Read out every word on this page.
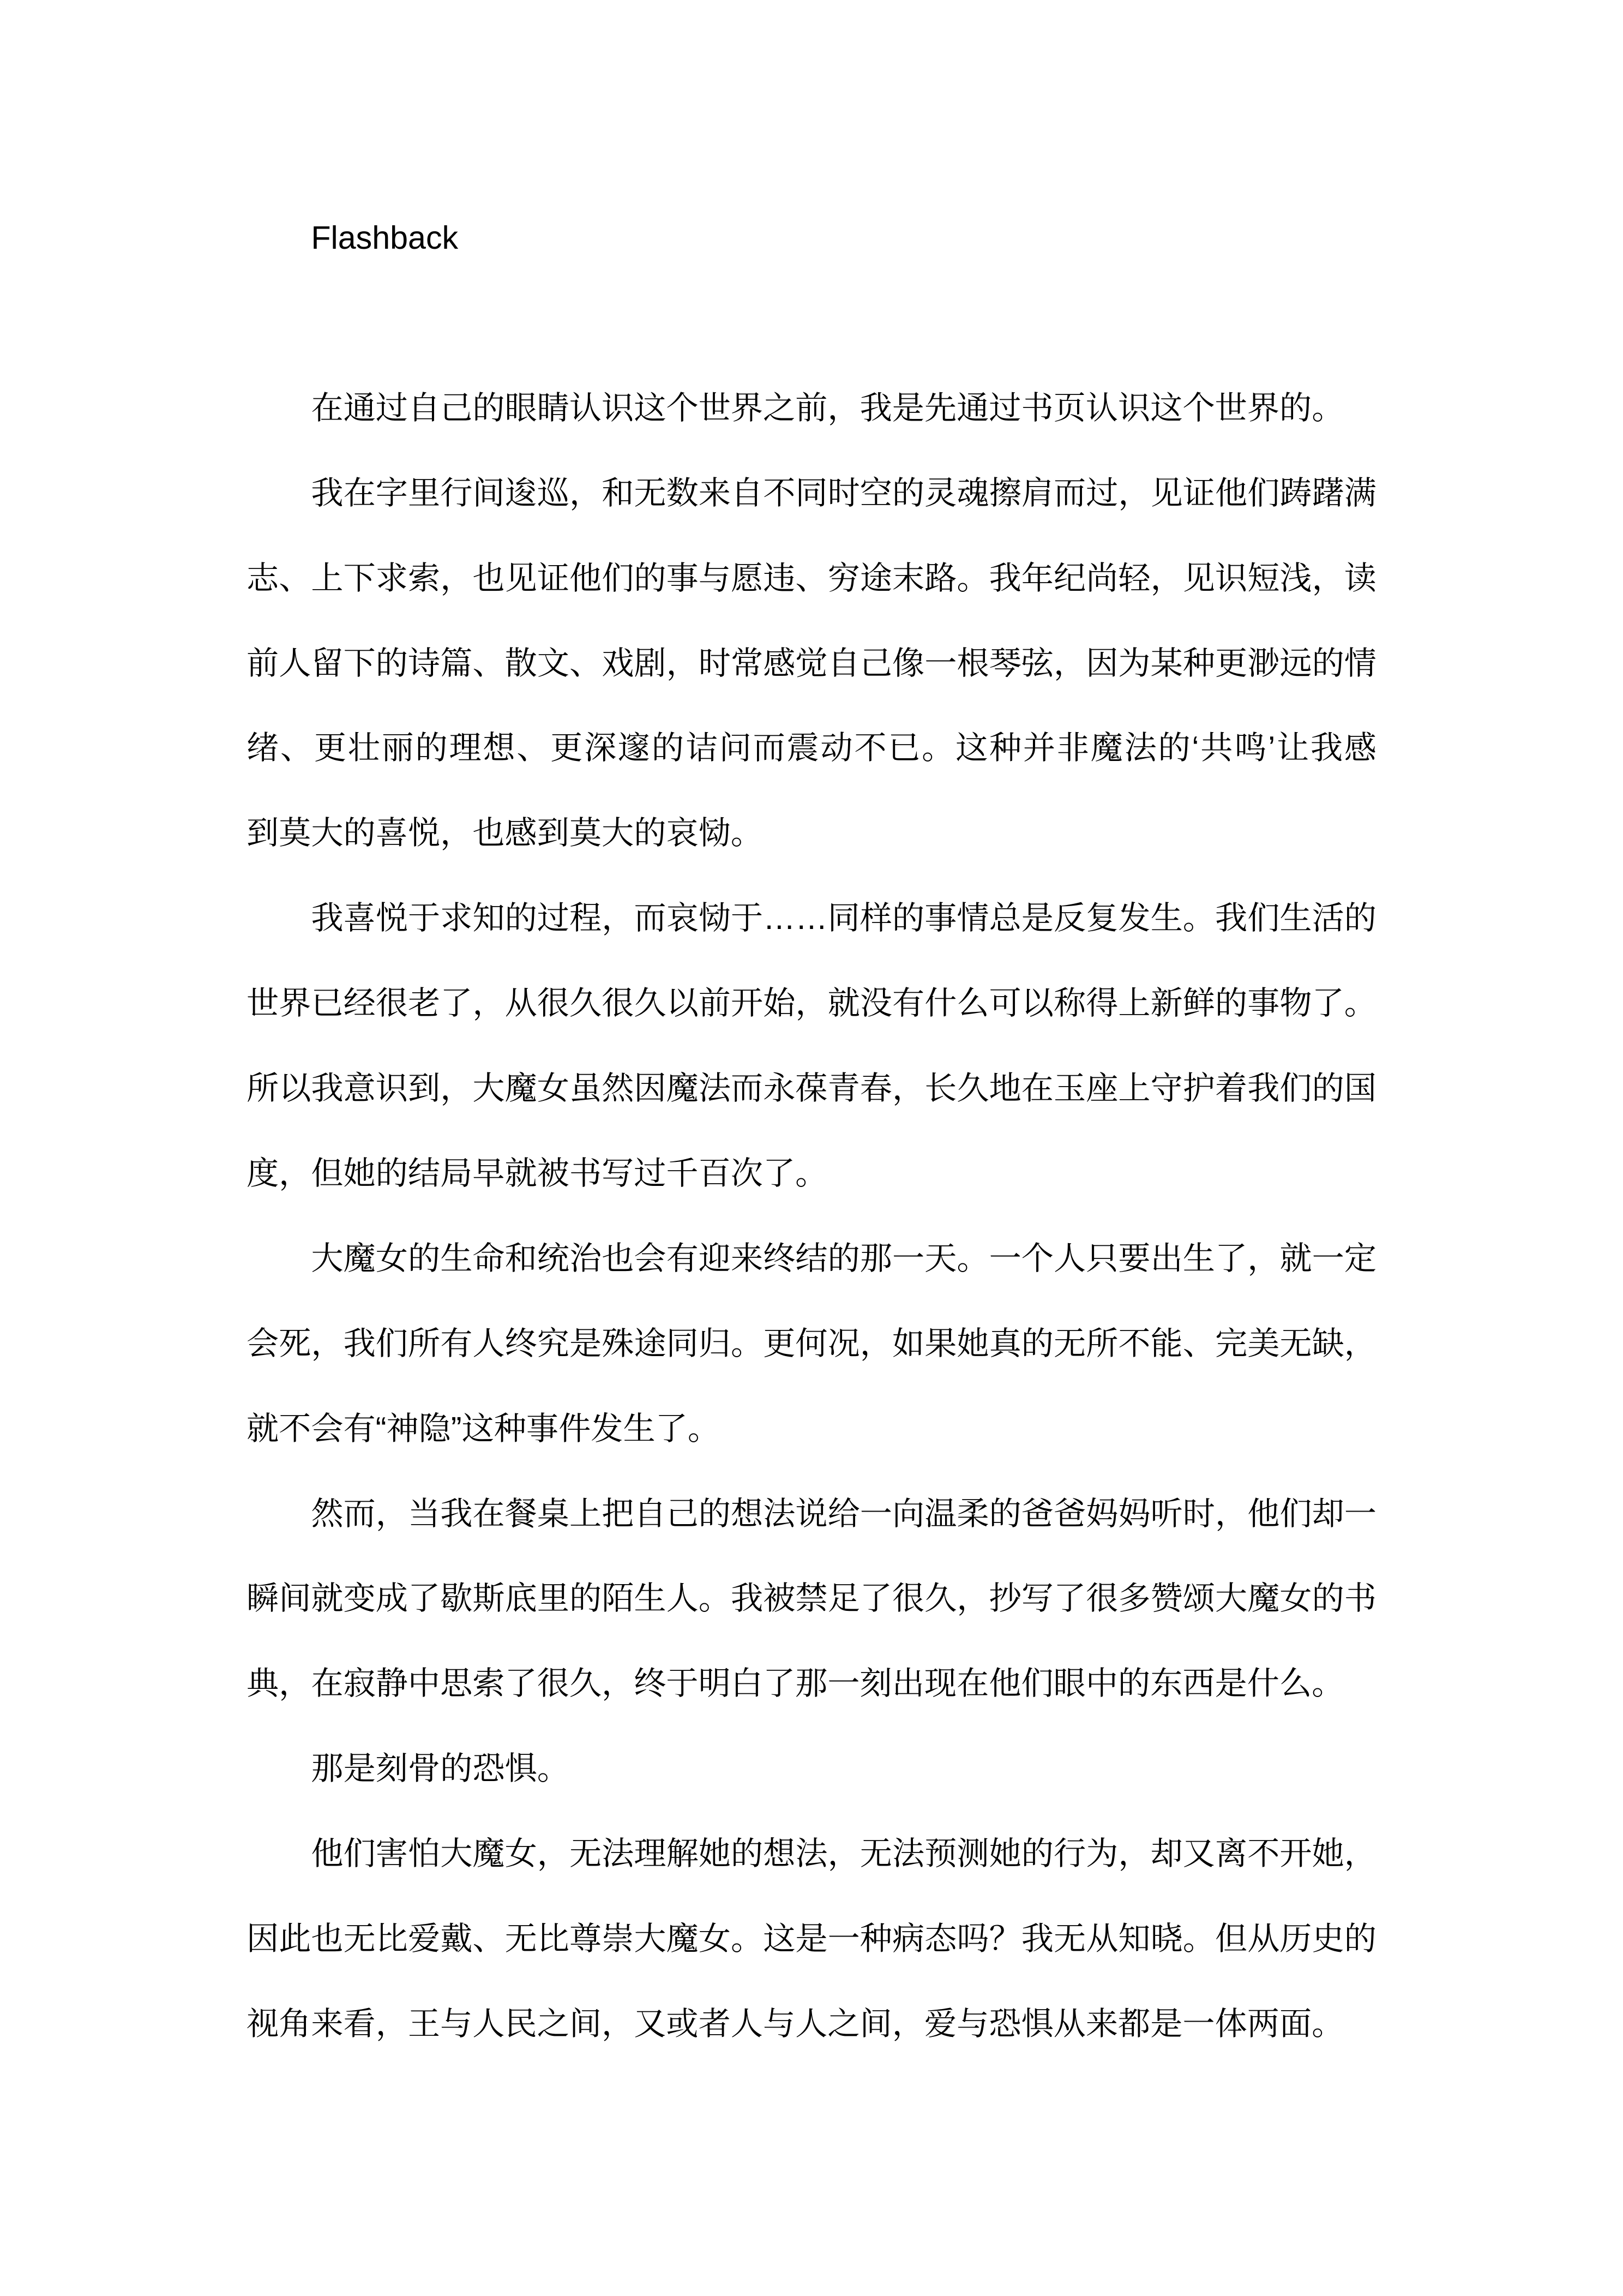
Flashback
在通过自己的眼睛认识这个世界之前，我是先通过书页认识这个世界的。
我在字里行间逡巡，和无数来自不同时空的灵魂擦肩而过，见证他们踌躇满
志、上下求索，也见证他们的事与愿违、穷途末路。我年纪尚轻，见识短浅，读
前人留下的诗篇、散文、戏剧，时常感觉自己像一根琴弦，因为某种更渺远的情
绪、更壮丽的理想、更深邃的诘问而震动不已。这种并非魔法的‘共鸣’让我感
到莫大的喜悦，也感到莫大的哀恸。
我喜悦于求知的过程，而哀恸于……同样的事情总是反复发生。我们生活的
世界已经很老了，从很久很久以前开始，就没有什么可以称得上新鲜的事物了。
所以我意识到，大魔女虽然因魔法而永葆青春，长久地在玉座上守护着我们的国
度，但她的结局早就被书写过千百次了。
大魔女的生命和统治也会有迎来终结的那一天。一个人只要出生了，就一定
会死，我们所有人终究是殊途同归。更何况，如果她真的无所不能、完美无缺，
就不会有“神隐”这种事件发生了。
然而，当我在餐桌上把自己的想法说给一向温柔的爸爸妈妈听时，他们却一
瞬间就变成了歇斯底里的陌生人。我被禁足了很久，抄写了很多赞颂大魔女的书
典，在寂静中思索了很久，终于明白了那一刻出现在他们眼中的东西是什么。
那是刻骨的恐惧。
他们害怕大魔女，无法理解她的想法，无法预测她的行为，却又离不开她，
因此也无比爱戴、无比尊崇大魔女。这是一种病态吗？我无从知晓。但从历史的
视角来看，王与人民之间，又或者人与人之间，爱与恐惧从来都是一体两面。
